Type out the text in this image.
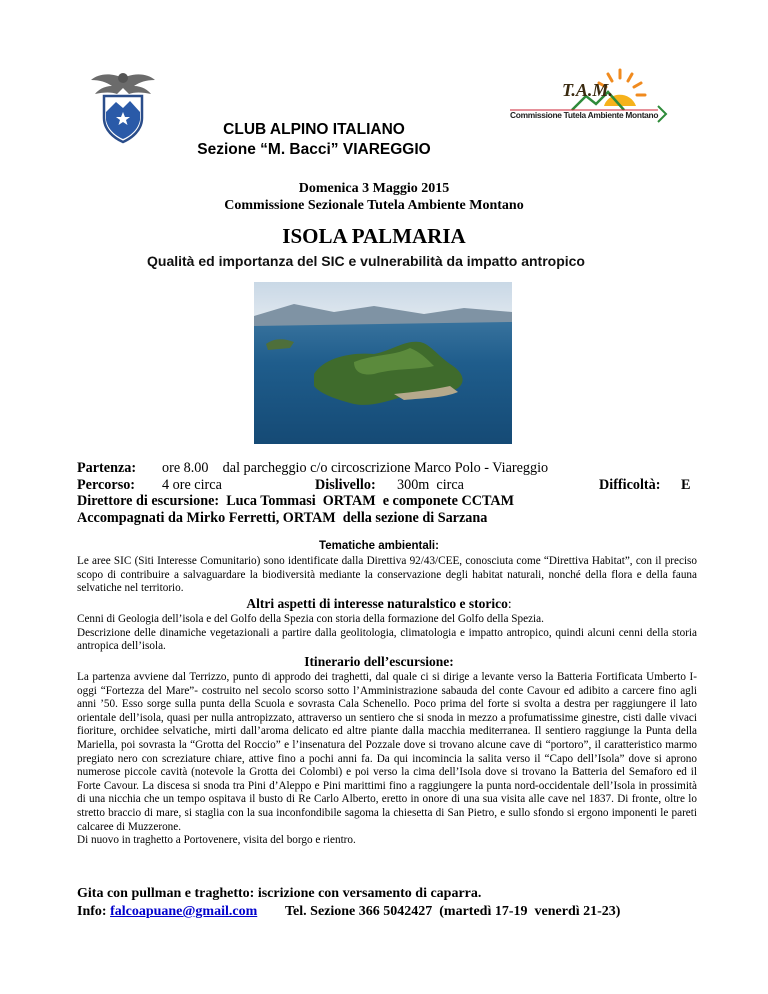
T.A.M.
Commissione Tutela Ambiente Montano
CLUB ALPINO ITALIANO
Sezione “M. Bacci” VIAREGGIO
Domenica 3 Maggio 2015
Commissione Sezionale Tutela Ambiente Montano
ISOLA PALMARIA
Qualità ed importanza del SIC e vulnerabilità da impatto antropico
Partenza: ore 8.00    dal parcheggio c/o circoscrizione Marco Polo - Viareggio
Percorso: 4 ore circa	Dislivello: 300m  circa	Difficoltà: E
Direttore di escursione:  Luca Tommasi  ORTAM  e componete CCTAM
Accompagnati da Mirko Ferretti, ORTAM  della sezione di Sarzana
Tematiche ambientali:
Le aree SIC (Siti Interesse Comunitario) sono identificate dalla Direttiva 92/43/CEE, conosciuta come “Direttiva Habitat”, con il preciso scopo di contribuire a salvaguardare la biodiversità mediante la conservazione degli habitat naturali, nonché della flora e della fauna selvatiche nel territorio.
Altri aspetti di interesse naturalstico e storico:
Cenni di Geologia dell’isola e del Golfo della Spezia con storia della formazione del Golfo della Spezia.
Descrizione delle dinamiche vegetazionali a partire dalla geolitologia, climatologia e impatto antropico, quindi alcuni cenni della storia antropica dell’isola.
Itinerario dell’escursione:
La partenza avviene dal Terrizzo, punto di approdo dei traghetti, dal quale ci si dirige a levante verso la Batteria Fortificata Umberto I-oggi “Fortezza del Mare”- costruito nel secolo scorso sotto l’Amministrazione sabauda del conte Cavour ed adibito a carcere fino agli anni ’50. Esso sorge sulla punta della Scuola e sovrasta Cala Schenello. Poco prima del forte si svolta a destra per raggiungere il lato orientale dell’isola, quasi per nulla antropizzato, attraverso un sentiero che si snoda in mezzo a profumatissime ginestre, cisti dalle vivaci fioriture, orchidee selvatiche, mirti dall’aroma delicato ed altre piante dalla macchia mediterranea. Il sentiero raggiunge la Punta della Mariella, poi sovrasta la “Grotta del Roccio” e l’insenatura del Pozzale dove si trovano alcune cave di “portoro”, il caratteristico marmo pregiato nero con screziature chiare, attive fino a pochi anni fa. Da qui incomincia la salita verso il “Capo dell’Isola” dove si aprono numerose piccole cavità (notevole la Grotta dei Colombi) e poi verso la cima dell’Isola dove si trovano la Batteria del Semaforo ed il Forte Cavour. La discesa si snoda tra Pini d’Aleppo e Pini marittimi fino a raggiungere la punta nord-occidentale dell’Isola in prossimità di una nicchia che un tempo ospitava il busto di Re Carlo Alberto, eretto in onore di una sua visita alle cave nel 1837. Di fronte, oltre lo stretto braccio di mare, si staglia con la sua inconfondibile sagoma la chiesetta di San Pietro, e sullo sfondo si ergono imponenti le pareti calcaree di Muzzerone.
Di nuovo in traghetto a Portovenere, visita del borgo e rientro.
Gita con pullman e traghetto: iscrizione con versamento di caparra.
Info: falcoapuane@gmail.com Tel. Sezione 366 5042427  (martedì 17-19  venerdì 21-23)
